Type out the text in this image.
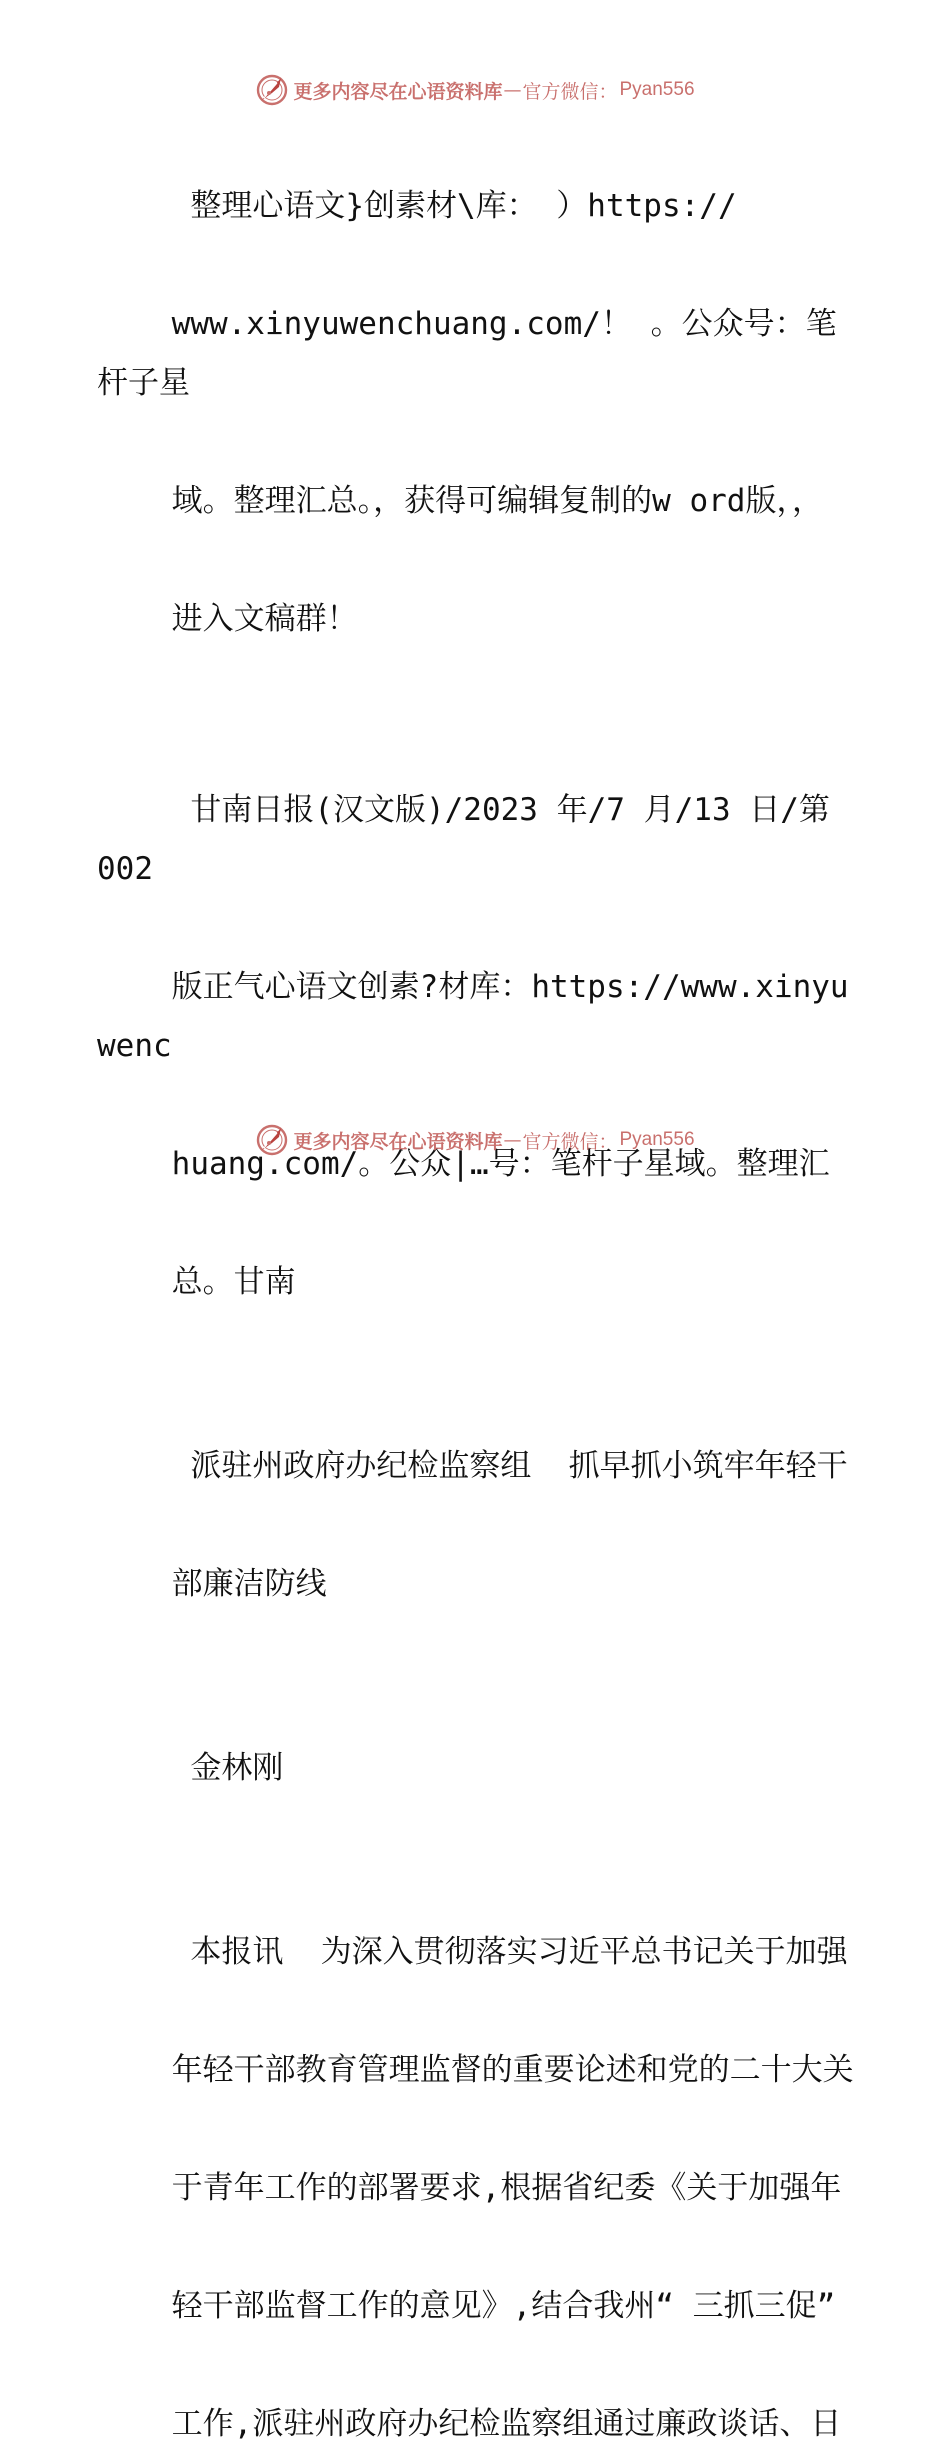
更多内容尽在心语资料库 — 官方微信： Pyan556

整理心语文}创素材\库： ）https://

www.xinyuwenchuang.com/！ 。公众号：笔杆子星

域。整理汇总。，获得可编辑复制的w ord版，，

进入文稿群！

甘南日报(汉文版)/2023 年/7 月/13 日/第 002

版正气心语文创素?材库：https://www.xinyuwenc

huang.com/。公众|…号：笔杆子星域。整理汇

总。甘南

派驻州政府办纪检监察组  抓早抓小筑牢年轻干

部廉洁防线

金林刚

本报讯  为深入贯彻落实习近平总书记关于加强

年轻干部教育管理监督的重要论述和党的二十大关

于青年工作的部署要求,根据省纪委《关于加强年

轻干部监督工作的意见》,结合我州“ 三抓三促”

工作,派驻州政府办纪检监察组通过廉政谈话、日

更多内容尽在心语资料库 — 官方微信： Pyan556
